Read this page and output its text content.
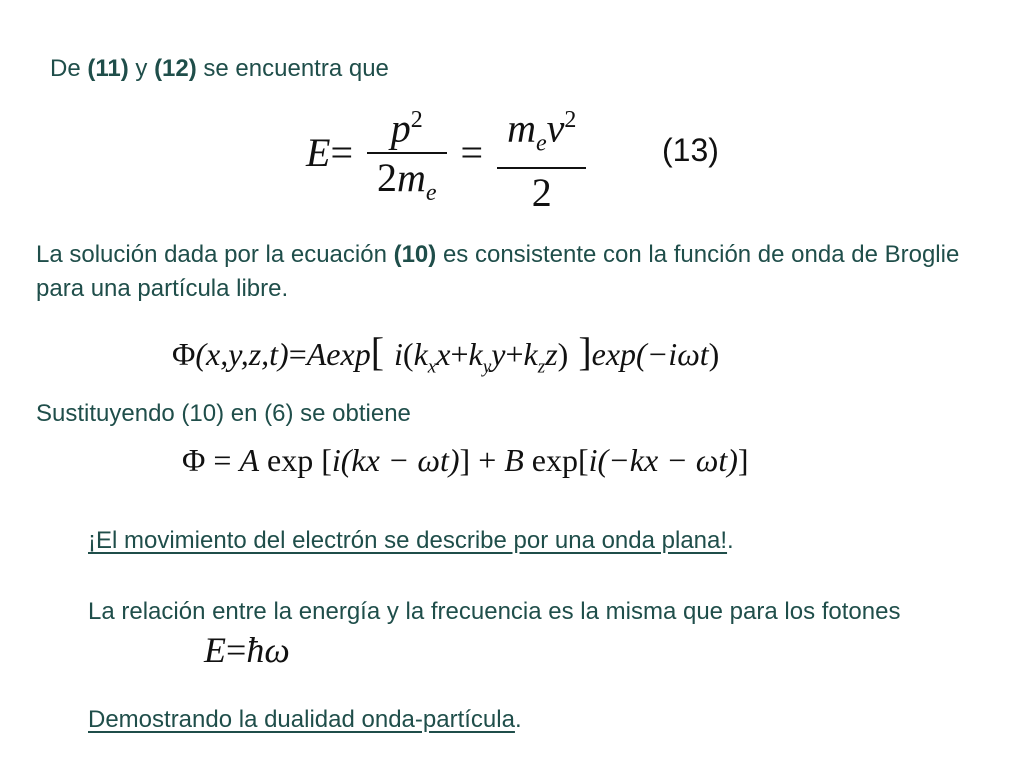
De (11) y (12) se encuentra que

$E= \frac{p^2}{2m_e} = \frac{m_ev^2}{2} (13)$

La solución dada por la ecuación (10) es consistente con la función de onda de Broglie para una partícula libre.

Φ(x,y,z,t)=Aexp[ $i(k_xx+k_yy+k_zz)$ ]exp(−iωt)

Sustituyendo (10) en (6) se obtiene

Φ = A exp [i(kx − ωt)] + B exp[i(−kx − ωt)]

¡El movimiento del electrón se describe por una onda plana!.

La relación entre la energía y la frecuencia es la misma que para los fotones

E=ħω

Demostrando la dualidad onda-partícula.
